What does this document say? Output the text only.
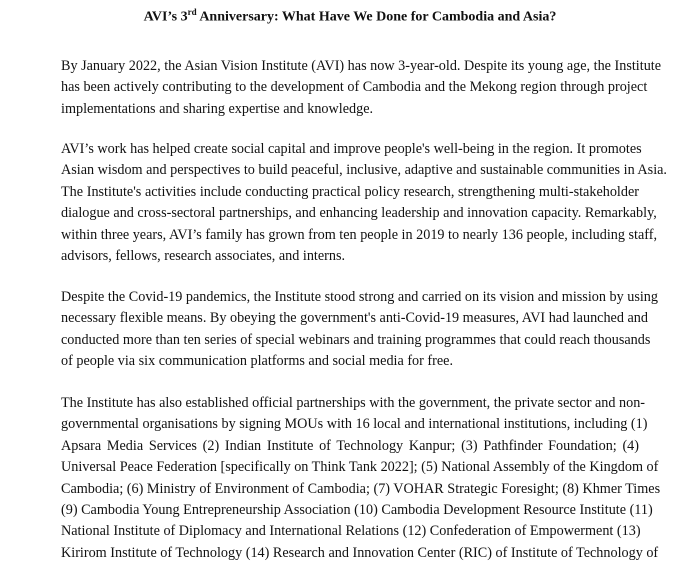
AVI’s 3rd Anniversary: What Have We Done for Cambodia and Asia?
By January 2022, the Asian Vision Institute (AVI) has now 3-year-old. Despite its young age, the Institute
has been actively contributing to the development of Cambodia and the Mekong region through project
implementations and sharing expertise and knowledge.
AVI’s work has helped create social capital and improve people's well-being in the region. It promotes
Asian wisdom and perspectives to build peaceful, inclusive, adaptive and sustainable communities in Asia.
The Institute's activities include conducting practical policy research, strengthening multi-stakeholder
dialogue and cross-sectoral partnerships, and enhancing leadership and innovation capacity. Remarkably,
within three years, AVI’s family has grown from ten people in 2019 to nearly 136 people, including staff,
advisors, fellows, research associates, and interns.
Despite the Covid-19 pandemics, the Institute stood strong and carried on its vision and mission by using
necessary flexible means. By obeying the government's anti-Covid-19 measures, AVI had launched and
conducted more than ten series of special webinars and training programmes that could reach thousands
of people via six communication platforms and social media for free.
The Institute has also established official partnerships with the government, the private sector and non-
governmental organisations by signing MOUs with 16 local and international institutions, including (1)
Apsara Media Services (2) Indian Institute of Technology Kanpur; (3) Pathfinder Foundation; (4)
Universal Peace Federation [specifically on Think Tank 2022]; (5) National Assembly of the Kingdom of
Cambodia; (6) Ministry of Environment of Cambodia; (7) VOHAR Strategic Foresight; (8) Khmer Times
(9) Cambodia Young Entrepreneurship Association (10) Cambodia Development Resource Institute (11)
National Institute of Diplomacy and International Relations (12) Confederation of Empowerment (13)
Kirirom Institute of Technology (14) Research and Innovation Center (RIC) of Institute of Technology of
